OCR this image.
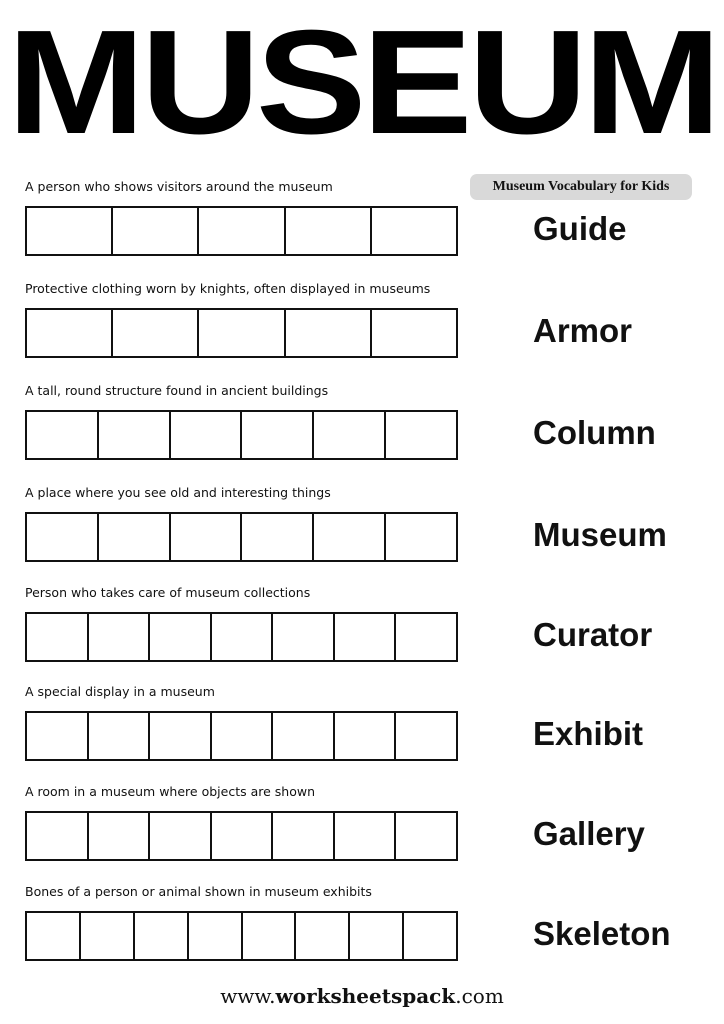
MUSEUM
Museum Vocabulary for Kids
A person who shows visitors around the museum
Guide
Protective clothing worn by knights, often displayed in museums
Armor
A tall, round structure found in ancient buildings
Column
A place where you see old and interesting things
Museum
Person who takes care of museum collections
Curator
A special display in a museum
Exhibit
A room in a museum where objects are shown
Gallery
Bones of a person or animal shown in museum exhibits
Skeleton
www.worksheetspack.com
